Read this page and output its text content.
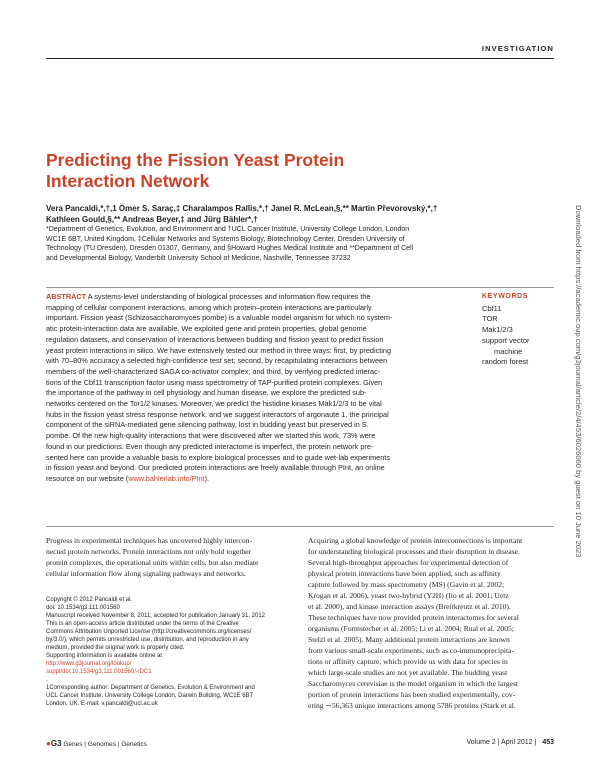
INVESTIGATION
Predicting the Fission Yeast Protein
Interaction Network
Vera Pancaldi,*,†,1 Ömer S. Saraç,‡ Charalampos Rallis,*,† Janel R. McLean,§,** Martin Převorovský,*,†
Kathleen Gould,§,** Andreas Beyer,‡ and Jürg Bähler*,†
*Department of Genetics, Evolution, and Environment and †UCL Cancer Institute, University College London, London
WC1E 6BT, United Kingdom, ‡Cellular Networks and Systems Biology, Biotechnology Center, Dresden University of
Technology (TU Dresden), Dresden 01307, Germany, and §Howard Hughes Medical Institute and **Department of Cell
and Developmental Biology, Vanderbilt University School of Medicine, Nashville, Tennessee 37232
ABSTRACT A systems-level understanding of biological processes and information flow requires the
mapping of cellular component interactions, among which protein–protein interactions are particularly
important. Fission yeast (Schizosaccharomyces pombe) is a valuable model organism for which no system-
atic protein-interaction data are available. We exploited gene and protein properties, global genome
regulation datasets, and conservation of interactions between budding and fission yeast to predict fission
yeast protein interactions in silico. We have extensively tested our method in three ways: first, by predicting
with 70–80% accuracy a selected high-confidence test set; second, by recapitulating interactions between
members of the well-characterized SAGA co-activator complex; and third, by verifying predicted interac-
tions of the Cbf11 transcription factor using mass spectrometry of TAP-purified protein complexes. Given
the importance of the pathway in cell physiology and human disease, we explore the predicted sub-
networks centered on the Tor1/2 kinases. Moreover, we predict the histidine kinases Mak1/2/3 to be vital
hubs in the fission yeast stress response network, and we suggest interactors of argonaute 1, the principal
component of the siRNA-mediated gene silencing pathway, lost in budding yeast but preserved in S.
pombe. Of the new high-quality interactions that were discovered after we started this work, 73% were
found in our predictions. Even though any predicted interactome is imperfect, the protein network pre-
sented here can provide a valuable basis to explore biological processes and to guide wet-lab experiments
in fission yeast and beyond. Our predicted protein interactions are freely available through PInt, an online
resource on our website (www.bahlerlab.info/PInt).
KEYWORDS
Cbf11
TOR
Mak1/2/3
support vector
machine
random forest
Progress in experimental techniques has uncovered highly intercon-
nected protein networks. Protein interactions not only hold together
protein complexes, the operational units within cells, but also mediate
cellular information flow along signaling pathways and networks.
Copyright © 2012 Pancaldi et al.
doi: 10.1534/g3.111.001560
Manuscript received November 8, 2011; accepted for publication January 31, 2012
This is an open-access article distributed under the terms of the Creative
Commons Attribution Unported License (http://creativecommons.org/licenses/
by/3.0/), which permits unrestricted use, distribution, and reproduction in any
medium, provided the original work is properly cited.
Supporting information is available online at
http://www.g3journal.org/lookup/
suppl/doi:10.1534/g3.111.001560/-/DC1
.
1Corresponding author: Department of Genetics, Evolution & Environment and
UCL Cancer Institute, University College London, Darwin Building, WC1E 6BT
London, UK. E-mail: v.pancaldi@ucl.ac.uk
Acquiring a global knowledge of protein interconnections is important
for understanding biological processes and their disruption in disease.
Several high-throughput approaches for experimental detection of
physical protein interactions have been applied, such as affinity
capture followed by mass spectrometry (MS) (Gavin et al. 2002;
Krogan et al. 2006), yeast two-hybrid (Y2H) (Ito et al. 2001; Uetz
et al. 2000), and kinase interaction assays (Breitkreutz et al. 2010).
These techniques have now provided protein interactomes for several
organisms (Formstecher et al. 2005; Li et al. 2004; Rual et al. 2005;
Stelzl et al. 2005). Many additional protein interactions are known
from various small-scale experiments, such as co-immunoprecipita-
tions or affinity capture, which provide us with data for species in
which large-scale studies are not yet available. The budding yeast
Saccharomyces cerevisiae is the model organism in which the largest
portion of protein interactions has been studied experimentally, cov-
ering ∼56,363 unique interactions among 5786 proteins (Stark et al.
●G3 Genes | Genomes | Genetics	Volume 2 | April 2012 | 453
Downloaded from https://academic.oup.com/g3journal/article/2/4/453/6026060 by guest on 10 June 2023
